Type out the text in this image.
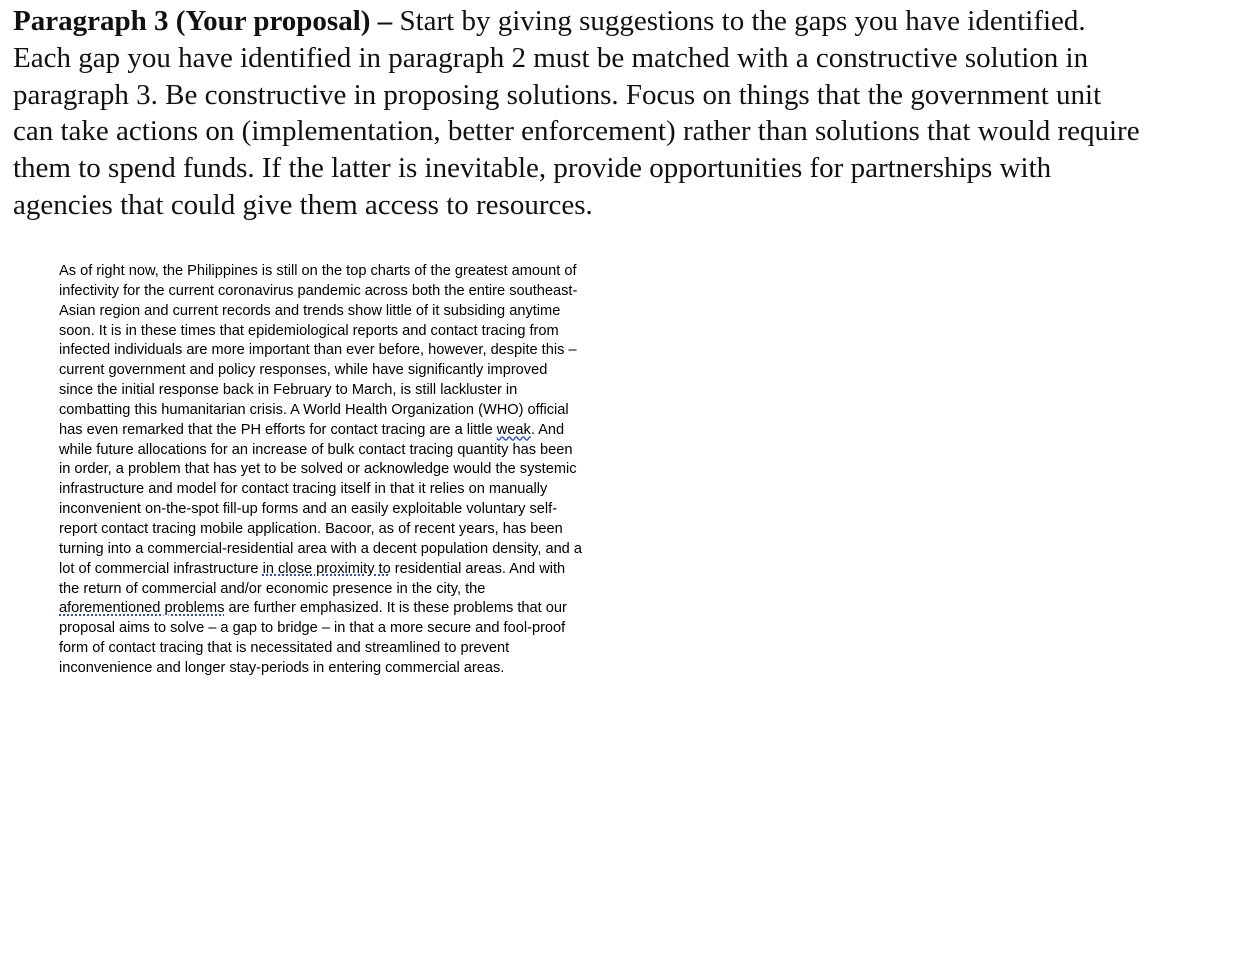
Paragraph 3 (Your proposal) – Start by giving suggestions to the gaps you have identified.
Each gap you have identified in paragraph 2 must be matched with a constructive solution in
paragraph 3. Be constructive in proposing solutions. Focus on things that the government unit
can take actions on (implementation, better enforcement) rather than solutions that would require
them to spend funds. If the latter is inevitable, provide opportunities for partnerships with
agencies that could give them access to resources.
As of right now, the Philippines is still on the top charts of the greatest amount of
infectivity for the current coronavirus pandemic across both the entire southeast-
Asian region and current records and trends show little of it subsiding anytime
soon. It is in these times that epidemiological reports and contact tracing from
infected individuals are more important than ever before, however, despite this –
current government and policy responses, while have significantly improved
since the initial response back in February to March, is still lackluster in
combatting this humanitarian crisis. A World Health Organization (WHO) official
has even remarked that the PH efforts for contact tracing are a little weak. And
while future allocations for an increase of bulk contact tracing quantity has been
in order, a problem that has yet to be solved or acknowledge would the systemic
infrastructure and model for contact tracing itself in that it relies on manually
inconvenient on-the-spot fill-up forms and an easily exploitable voluntary self-
report contact tracing mobile application. Bacoor, as of recent years, has been
turning into a commercial-residential area with a decent population density, and a
lot of commercial infrastructure in close proximity to residential areas. And with
the return of commercial and/or economic presence in the city, the
aforementioned problems are further emphasized. It is these problems that our
proposal aims to solve – a gap to bridge – in that a more secure and fool-proof
form of contact tracing that is necessitated and streamlined to prevent
inconvenience and longer stay-periods in entering commercial areas.
